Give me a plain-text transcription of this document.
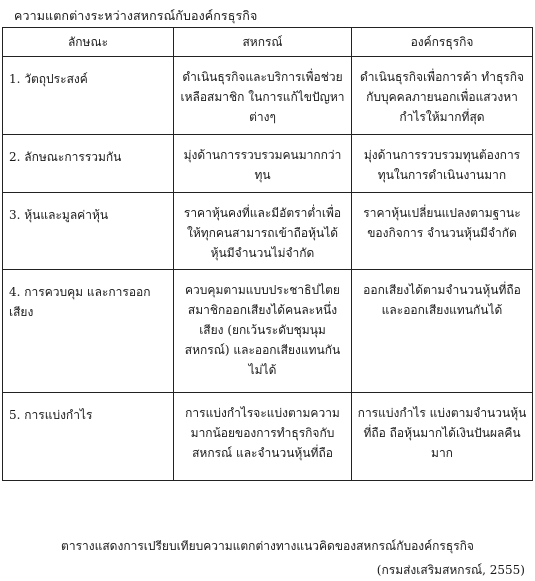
ความแตกต่างระหว่างสหกรณ์กับองค์กรธุรกิจ
ลักษณะ	สหกรณ์	องค์กรธุรกิจ
1. วัตถุประสงค์	ดำเนินธุรกิจและบริการเพื่อช่วยเหลือสมาชิก ในการแก้ไขปัญหาต่างๆ	ดำเนินธุรกิจเพื่อการค้า ทำธุรกิจกับบุคคลภายนอกเพื่อแสวงหากำไรให้มากที่สุด
2. ลักษณะการรวมกัน	มุ่งด้านการรวบรวมคนมากกว่าทุน	มุ่งด้านการรวบรวมทุนต้องการทุนในการดำเนินงานมาก
3. หุ้นและมูลค่าหุ้น	ราคาหุ้นคงที่และมีอัตราต่ำเพื่อให้ทุกคนสามารถเข้าถือหุ้นได้ หุ้นมีจำนวนไม่จำกัด	ราคาหุ้นเปลี่ยนแปลงตามฐานะของกิจการ จำนวนหุ้นมีจำกัด
4. การควบคุม และการออกเสียง	ควบคุมตามแบบประชาธิปไตย สมาชิกออกเสียงได้คนละหนึ่งเสียง (ยกเว้นระดับชุมนุมสหกรณ์) และออกเสียงแทนกันไม่ได้	ออกเสียงได้ตามจำนวนหุ้นที่ถือและออกเสียงแทนกันได้
5. การแบ่งกำไร	การแบ่งกำไรจะแบ่งตามความมากน้อยของการทำธุรกิจกับสหกรณ์ และจำนวนหุ้นที่ถือ	การแบ่งกำไร แบ่งตามจำนวนหุ้นที่ถือ ถือหุ้นมากได้เงินปันผลคืนมาก
ตารางแสดงการเปรียบเทียบความแตกต่างทางแนวคิดของสหกรณ์กับองค์กรธุรกิจ
(กรมส่งเสริมสหกรณ์, 2555)
